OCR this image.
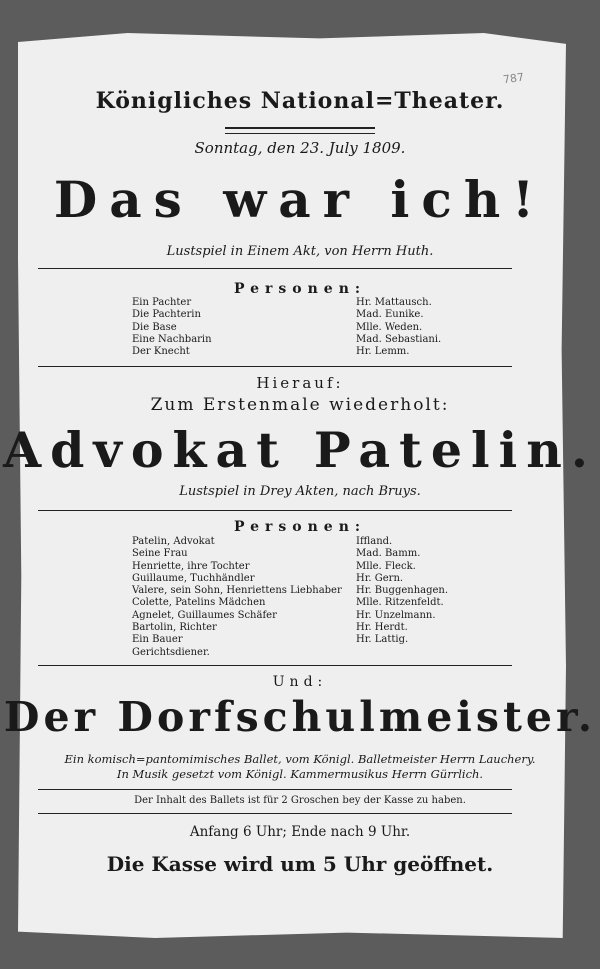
787
Königliches National=Theater.
Sonntag, den 23. July 1809.
Das war ich!
Lustspiel in Einem Akt, von Herrn Huth.
Personen:
Ein Pachter
Die Pachterin
Die Base
Eine Nachbarin
Der Knecht
Hr. Mattausch.
Mad. Eunike.
Mlle. Weden.
Mad. Sebastiani.
Hr. Lemm.
Hierauf:
Zum Erstenmale wiederholt:
Advokat Patelin.
Lustspiel in Drey Akten, nach Bruys.
Personen:
Patelin, Advokat
Seine Frau
Henriette, ihre Tochter
Guillaume, Tuchhändler
Valere, sein Sohn, Henriettens Liebhaber
Colette, Patelins Mädchen
Agnelet, Guillaumes Schäfer
Bartolin, Richter
Ein Bauer
Gerichtsdiener.
Iffland.
Mad. Bamm.
Mlle. Fleck.
Hr. Gern.
Hr. Buggenhagen.
Mlle. Ritzenfeldt.
Hr. Unzelmann.
Hr. Herdt.
Hr. Lattig.
Und:
Der Dorfschulmeister.
Ein komisch=pantomimisches Ballet, vom Königl. Balletmeister Herrn Lauchery.
In Musik gesetzt vom Königl. Kammermusikus Herrn Gürrlich.
Der Inhalt des Ballets ist für 2 Groschen bey der Kasse zu haben.
Anfang 6 Uhr; Ende nach 9 Uhr.
Die Kasse wird um 5 Uhr geöffnet.
